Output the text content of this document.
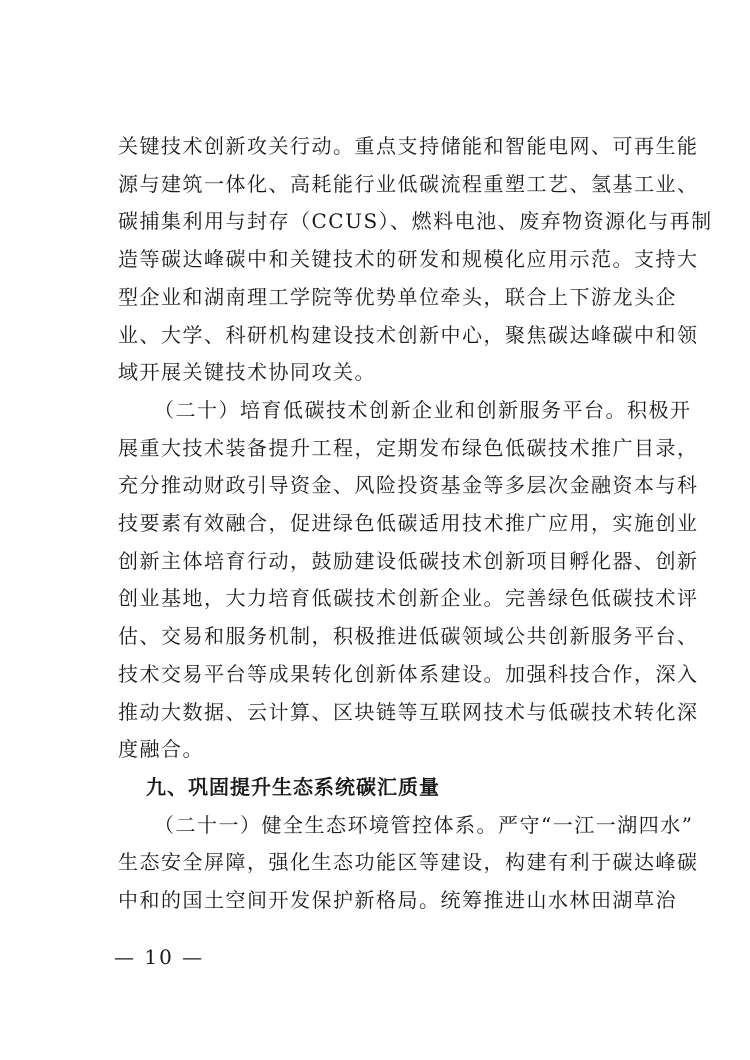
关键技术创新攻关行动。重点支持储能和智能电网、可再生能
源与建筑一体化、高耗能行业低碳流程重塑工艺、氢基工业、
碳捕集利用与封存（CCUS）、燃料电池、废弃物资源化与再制
造等碳达峰碳中和关键技术的研发和规模化应用示范。支持大
型企业和湖南理工学院等优势单位牵头，联合上下游龙头企
业、大学、科研机构建设技术创新中心，聚焦碳达峰碳中和领
域开展关键技术协同攻关。
（二十）培育低碳技术创新企业和创新服务平台。积极开
展重大技术装备提升工程，定期发布绿色低碳技术推广目录，
充分推动财政引导资金、风险投资基金等多层次金融资本与科
技要素有效融合，促进绿色低碳适用技术推广应用，实施创业
创新主体培育行动，鼓励建设低碳技术创新项目孵化器、创新
创业基地，大力培育低碳技术创新企业。完善绿色低碳技术评
估、交易和服务机制，积极推进低碳领域公共创新服务平台、
技术交易平台等成果转化创新体系建设。加强科技合作，深入
推动大数据、云计算、区块链等互联网技术与低碳技术转化深
度融合。
九、巩固提升生态系统碳汇质量
（二十一）健全生态环境管控体系。严守“一江一湖四水”
生态安全屏障，强化生态功能区等建设，构建有利于碳达峰碳
中和的国土空间开发保护新格局。统筹推进山水林田湖草治
— 10 —
